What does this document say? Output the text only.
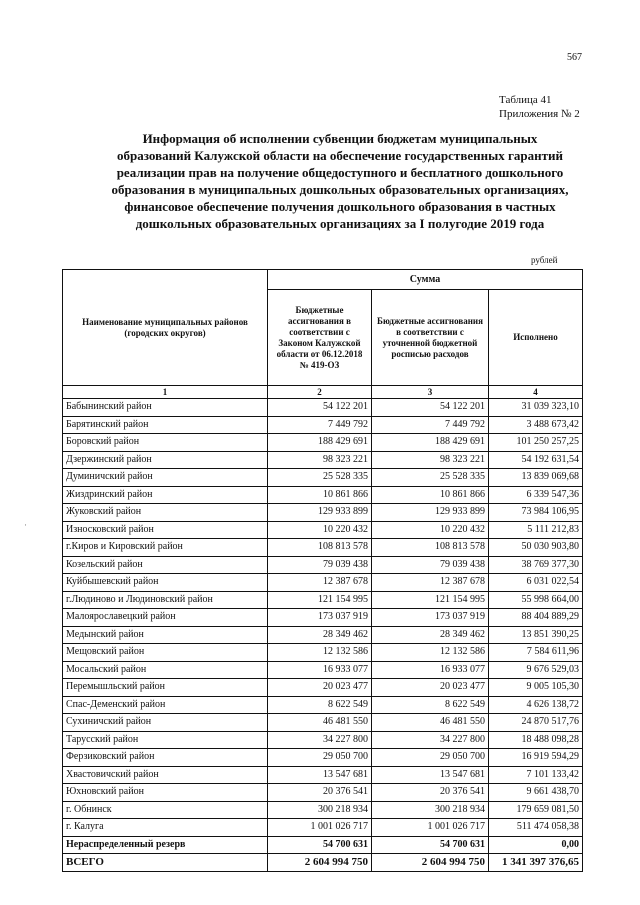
567
Таблица 41
Приложения № 2
Информация об исполнении субвенции бюджетам муниципальных
образований Калужской области на обеспечение государственных гарантий
реализации прав на получение общедоступного и бесплатного дошкольного
образования в муниципальных дошкольных образовательных организациях,
финансовое обеспечение получения дошкольного образования в частных
дошкольных образовательных организациях за I полугодие 2019 года
рублей
Наименование муниципальных районов (городских округов)	Сумма		
	Бюджетные ассигнования в соответствии с Законом Калужской области от 06.12.2018 № 419-ОЗ	Бюджетные ассигнования в соответствии с уточненной бюджетной росписью расходов	Исполнено
1	2	3	4
Бабынинский район	54 122 201	54 122 201	31 039 323,10
Барятинский район	7 449 792	7 449 792	3 488 673,42
Боровский район	188 429 691	188 429 691	101 250 257,25
Дзержинский район	98 323 221	98 323 221	54 192 631,54
Думиничский район	25 528 335	25 528 335	13 839 069,68
Жиздринский район	10 861 866	10 861 866	6 339 547,36
Жуковский район	129 933 899	129 933 899	73 984 106,95
Износковский район	10 220 432	10 220 432	5 111 212,83
г.Киров и Кировский район	108 813 578	108 813 578	50 030 903,80
Козельский район	79 039 438	79 039 438	38 769 377,30
Куйбышевский район	12 387 678	12 387 678	6 031 022,54
г.Людиново и Людиновский район	121 154 995	121 154 995	55 998 664,00
Малоярославецкий район	173 037 919	173 037 919	88 404 889,29
Медынский район	28 349 462	28 349 462	13 851 390,25
Мещовский район	12 132 586	12 132 586	7 584 611,96
Мосальский район	16 933 077	16 933 077	9 676 529,03
Перемышльский район	20 023 477	20 023 477	9 005 105,30
Спас-Деменский район	8 622 549	8 622 549	4 626 138,72
Сухиничский район	46 481 550	46 481 550	24 870 517,76
Тарусский район	34 227 800	34 227 800	18 488 098,28
Ферзиковский район	29 050 700	29 050 700	16 919 594,29
Хвастовичский район	13 547 681	13 547 681	7 101 133,42
Юхновский район	20 376 541	20 376 541	9 661 438,70
г. Обнинск	300 218 934	300 218 934	179 659 081,50
г. Калуга	1 001 026 717	1 001 026 717	511 474 058,38
Нераспределенный резерв	54 700 631	54 700 631	0,00
ВСЕГО	2 604 994 750	2 604 994 750	1 341 397 376,65
·
